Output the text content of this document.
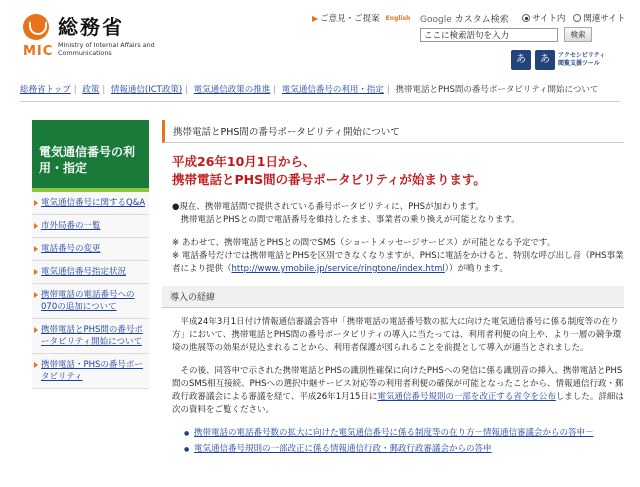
総務省
MIC Ministry of Internal Affairs and Communications
▶ ご意見・ご提案 English Google カスタム検索	サイト内 関連サイト
ここに検索語句を入力
検索
あ	あ	アクセシビリティ
閲覧支援ツール
総務省トップ | 政策 | 情報通信(ICT政策) | 電気通信政策の推進 | 電気通信番号の利用・指定 | 携帯電話とPHS間の番号ポータビリティ開始について
電気通信番号の利用・指定
電気通信番号に関するQ&A
市外局番の一覧
電話番号の変更
電気通信番号指定状況
携帯電話の電話番号への070の追加について
携帯電話とPHS間の番号ポータビリティ開始について
携帯電話・PHSの番号ポータビリティ
携帯電話とPHS間の番号ポータビリティ開始について
平成26年10月1日から、
携帯電話とPHS間の番号ポータビリティが始まります。
●現在、携帯電話間で提供されている番号ポータビリティに、PHSが加わります。
携帯電話とPHSとの間で電話番号を維持したまま、事業者の乗り換えが可能となります。
※ あわせて、携帯電話とPHSとの間でSMS（ショートメッセージサービス）が可能となる予定です。
※ 電話番号だけでは携帯電話とPHSを区別できなくなりますが、PHSに電話をかけると、特別な呼び出し音（PHS事業者により提供（http://www.ymobile.jp/service/ringtone/index.html））が鳴ります。
導入の経緯
平成24年3月1日付け情報通信審議会答申「携帯電話の電話番号数の拡大に向けた電気通信番号に係る制度等の在り方」において、携帯電話とPHS間の番号ポータビリティの導入に当たっては、利用者利便の向上や、より一層の競争環境の進展等の効果が見込まれることから、利用者保護が図られることを前提として導入が適当とされました。
その後、同答申で示された携帯電話とPHSの識別性確保に向けたPHSへの発信に係る識別音の挿入、携帯電話とPHS間のSMS相互接続、PHSへの選択中継サービス対応等の利用者利便の確保が可能となったことから、情報通信行政・郵政行政審議会による審議を経て、平成26年1月15日に電気通信番号規則の一部を改正する省令を公布しました。詳細は次の資料をご覧ください。
● 携帯電話の電話番号数の拡大に向けた電気通信番号に係る制度等の在り方－情報通信審議会からの答申－
● 電気通信番号規則の一部改正に係る情報通信行政・郵政行政審議会からの答申
